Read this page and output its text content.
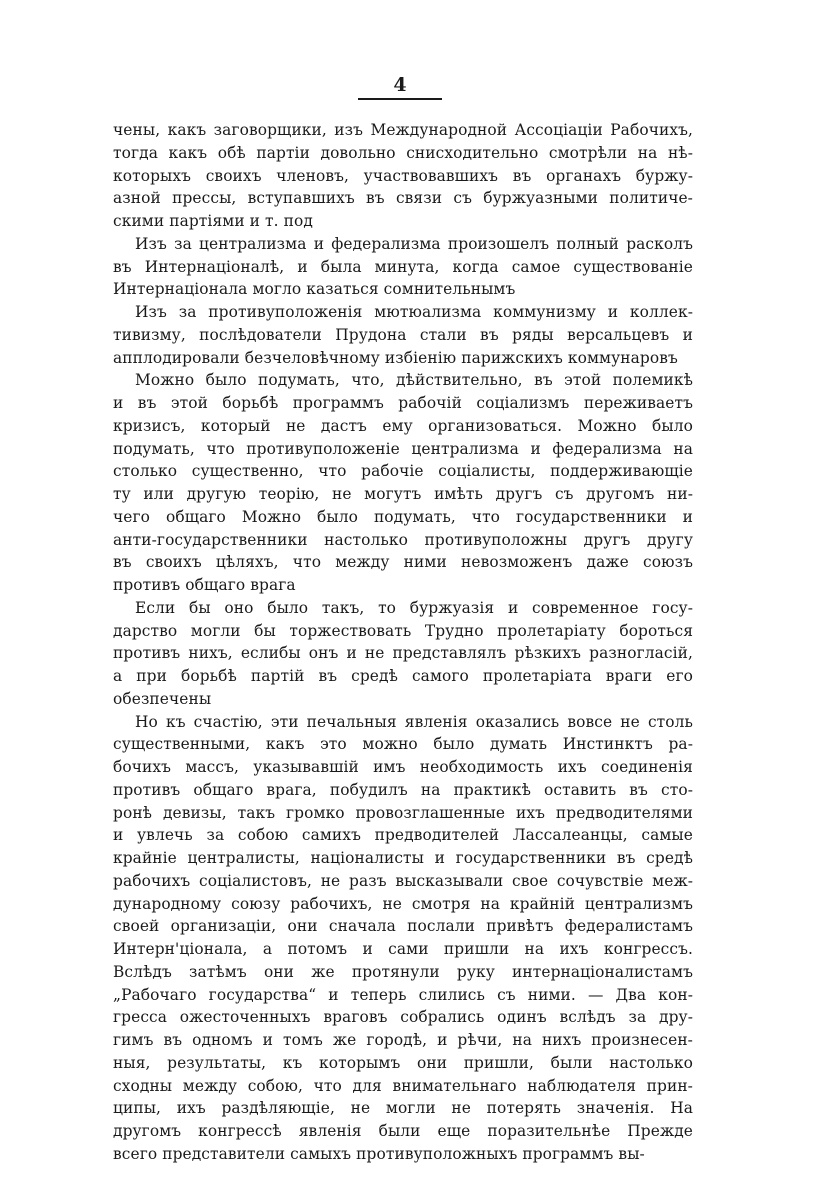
4
чены, какъ заговорщики, изъ Международной Ассоціаціи Рабочихъ,
тогда какъ обѣ партіи довольно снисходительно смотрѣли на нѣ-
которыхъ своихъ членовъ, участвовавшихъ въ органахъ буржу-
азной прессы, вступавшихъ въ связи съ буржуазными политиче-
скими партіями и т. под
Изъ за централизма и федерализма произошелъ полный расколъ
въ Интернаціоналѣ, и была минута, когда самое существованіе
Интернаціонала могло казаться сомнительнымъ
Изъ за противуположенія мютюализма коммунизму и коллек-
тивизму, послѣдователи Прудона стали въ ряды версальцевъ и
апплодировали безчеловѣчному избіенію парижскихъ коммунаровъ
Можно было подумать, что, дѣйствительно, въ этой полемикѣ
и въ этой борьбѣ программъ рабочій соціализмъ переживаетъ
кризисъ, который не дастъ ему организоваться. Можно было
подумать, что противуположеніе централизма и федерализма на
столько существенно, что рабочіе соціалисты, поддерживающіе
ту или другую теорію, не могутъ имѣть другъ съ другомъ ни-
чего общаго Можно было подумать, что государственники и
анти-государственники настолько противуположны другъ другу
въ своихъ цѣляхъ, что между ними невозможенъ даже союзъ
противъ общаго врага
Если бы оно было такъ, то буржуазія и современное госу-
дарство могли бы торжествовать Трудно пролетаріату бороться
противъ нихъ, еслибы онъ и не представлялъ рѣзкихъ разногласій,
а при борьбѣ партій въ средѣ самого пролетаріата враги его
обезпечены
Но къ счастію, эти печальныя явленія оказались вовсе не столь
существенными, какъ это можно было думать Инстинктъ ра-
бочихъ массъ, указывавшій имъ необходимость ихъ соединенія
противъ общаго врага, побудилъ на практикѣ оставить въ сто-
ронѣ девизы, такъ громко провозглашенные ихъ предводителями
и увлечь за собою самихъ предводителей Лассалеанцы, самые
крайніе централисты, націоналисты и государственники въ средѣ
рабочихъ соціалистовъ, не разъ высказывали свое сочувствіе меж-
дународному союзу рабочихъ, не смотря на крайній централизмъ
своей организаціи, они сначала послали привѣтъ федералистамъ
Интерн'ціонала, а потомъ и сами пришли на ихъ конгрессъ.
Вслѣдъ затѣмъ они же протянули руку интернаціоналистамъ
„Рабочаго государства“ и теперь слились съ ними. — Два кон-
гресса ожесточенныхъ враговъ собрались одинъ вслѣдъ за дру-
гимъ въ одномъ и томъ же городѣ, и рѣчи, на нихъ произнесен-
ныя, результаты, къ которымъ они пришли, были настолько
сходны между собою, что для внимательнаго наблюдателя прин-
ципы, ихъ раздѣляющіе, не могли не потерять значенія. На
другомъ конгрессѣ явленія были еще поразительнѣе Прежде
всего представители самыхъ противуположныхъ программъ вы-
